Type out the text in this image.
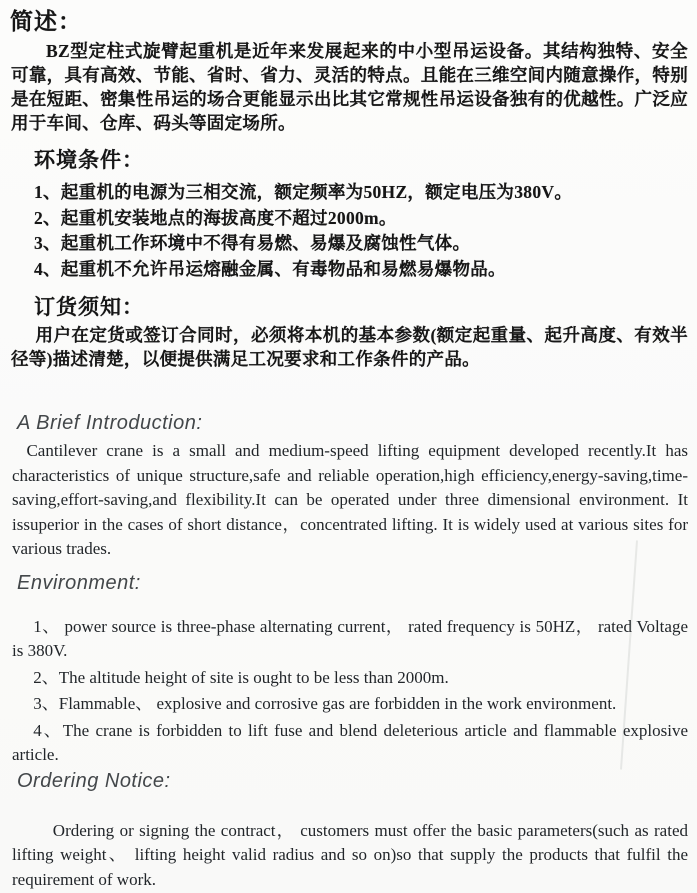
简述：

BZ型定柱式旋臂起重机是近年来发展起来的中小型吊运设备。其结构独特、安全可靠，具有高效、节能、省时、省力、灵活的特点。且能在三维空间内随意操作，特别是在短距、密集性吊运的场合更能显示出比其它常规性吊运设备独有的优越性。广泛应用于车间、仓库、码头等固定场所。

环境条件：

1、起重机的电源为三相交流，额定频率为50HZ，额定电压为380V。

2、起重机安装地点的海拔高度不超过2000m。

3、起重机工作环境中不得有易燃、易爆及腐蚀性气体。

4、起重机不允许吊运熔融金属、有毒物品和易燃易爆物品。

订货须知：

用户在定货或签订合同时，必须将本机的基本参数(额定起重量、起升高度、有效半径等)描述清楚，以便提供满足工况要求和工作条件的产品。

A Brief Introduction:

Cantilever crane is a small and medium-speed lifting equipment developed recently.It has characteristics of unique structure,safe and reliable operation,high efficiency,energy-saving,time-saving,effort-saving,and flexibility.It can be operated under three dimensional environment. It issuperior in the cases of short distance，concentrated lifting. It is widely used at various sites for various trades.

Environment:

1、 power source is three-phase alternating current， rated frequency is 50HZ， rated Voltage is 380V.

2、The altitude height of site is ought to be less than 2000m.

3、Flammable、 explosive and corrosive gas are forbidden in the work environment.

4、The crane is forbidden to lift fuse and blend deleterious article and flammable explosive article.

Ordering Notice:

Ordering or signing the contract， customers must offer the basic parameters(such as rated lifting weight、 lifting height valid radius and so on)so that supply the products that fulfil the requirement of work.
